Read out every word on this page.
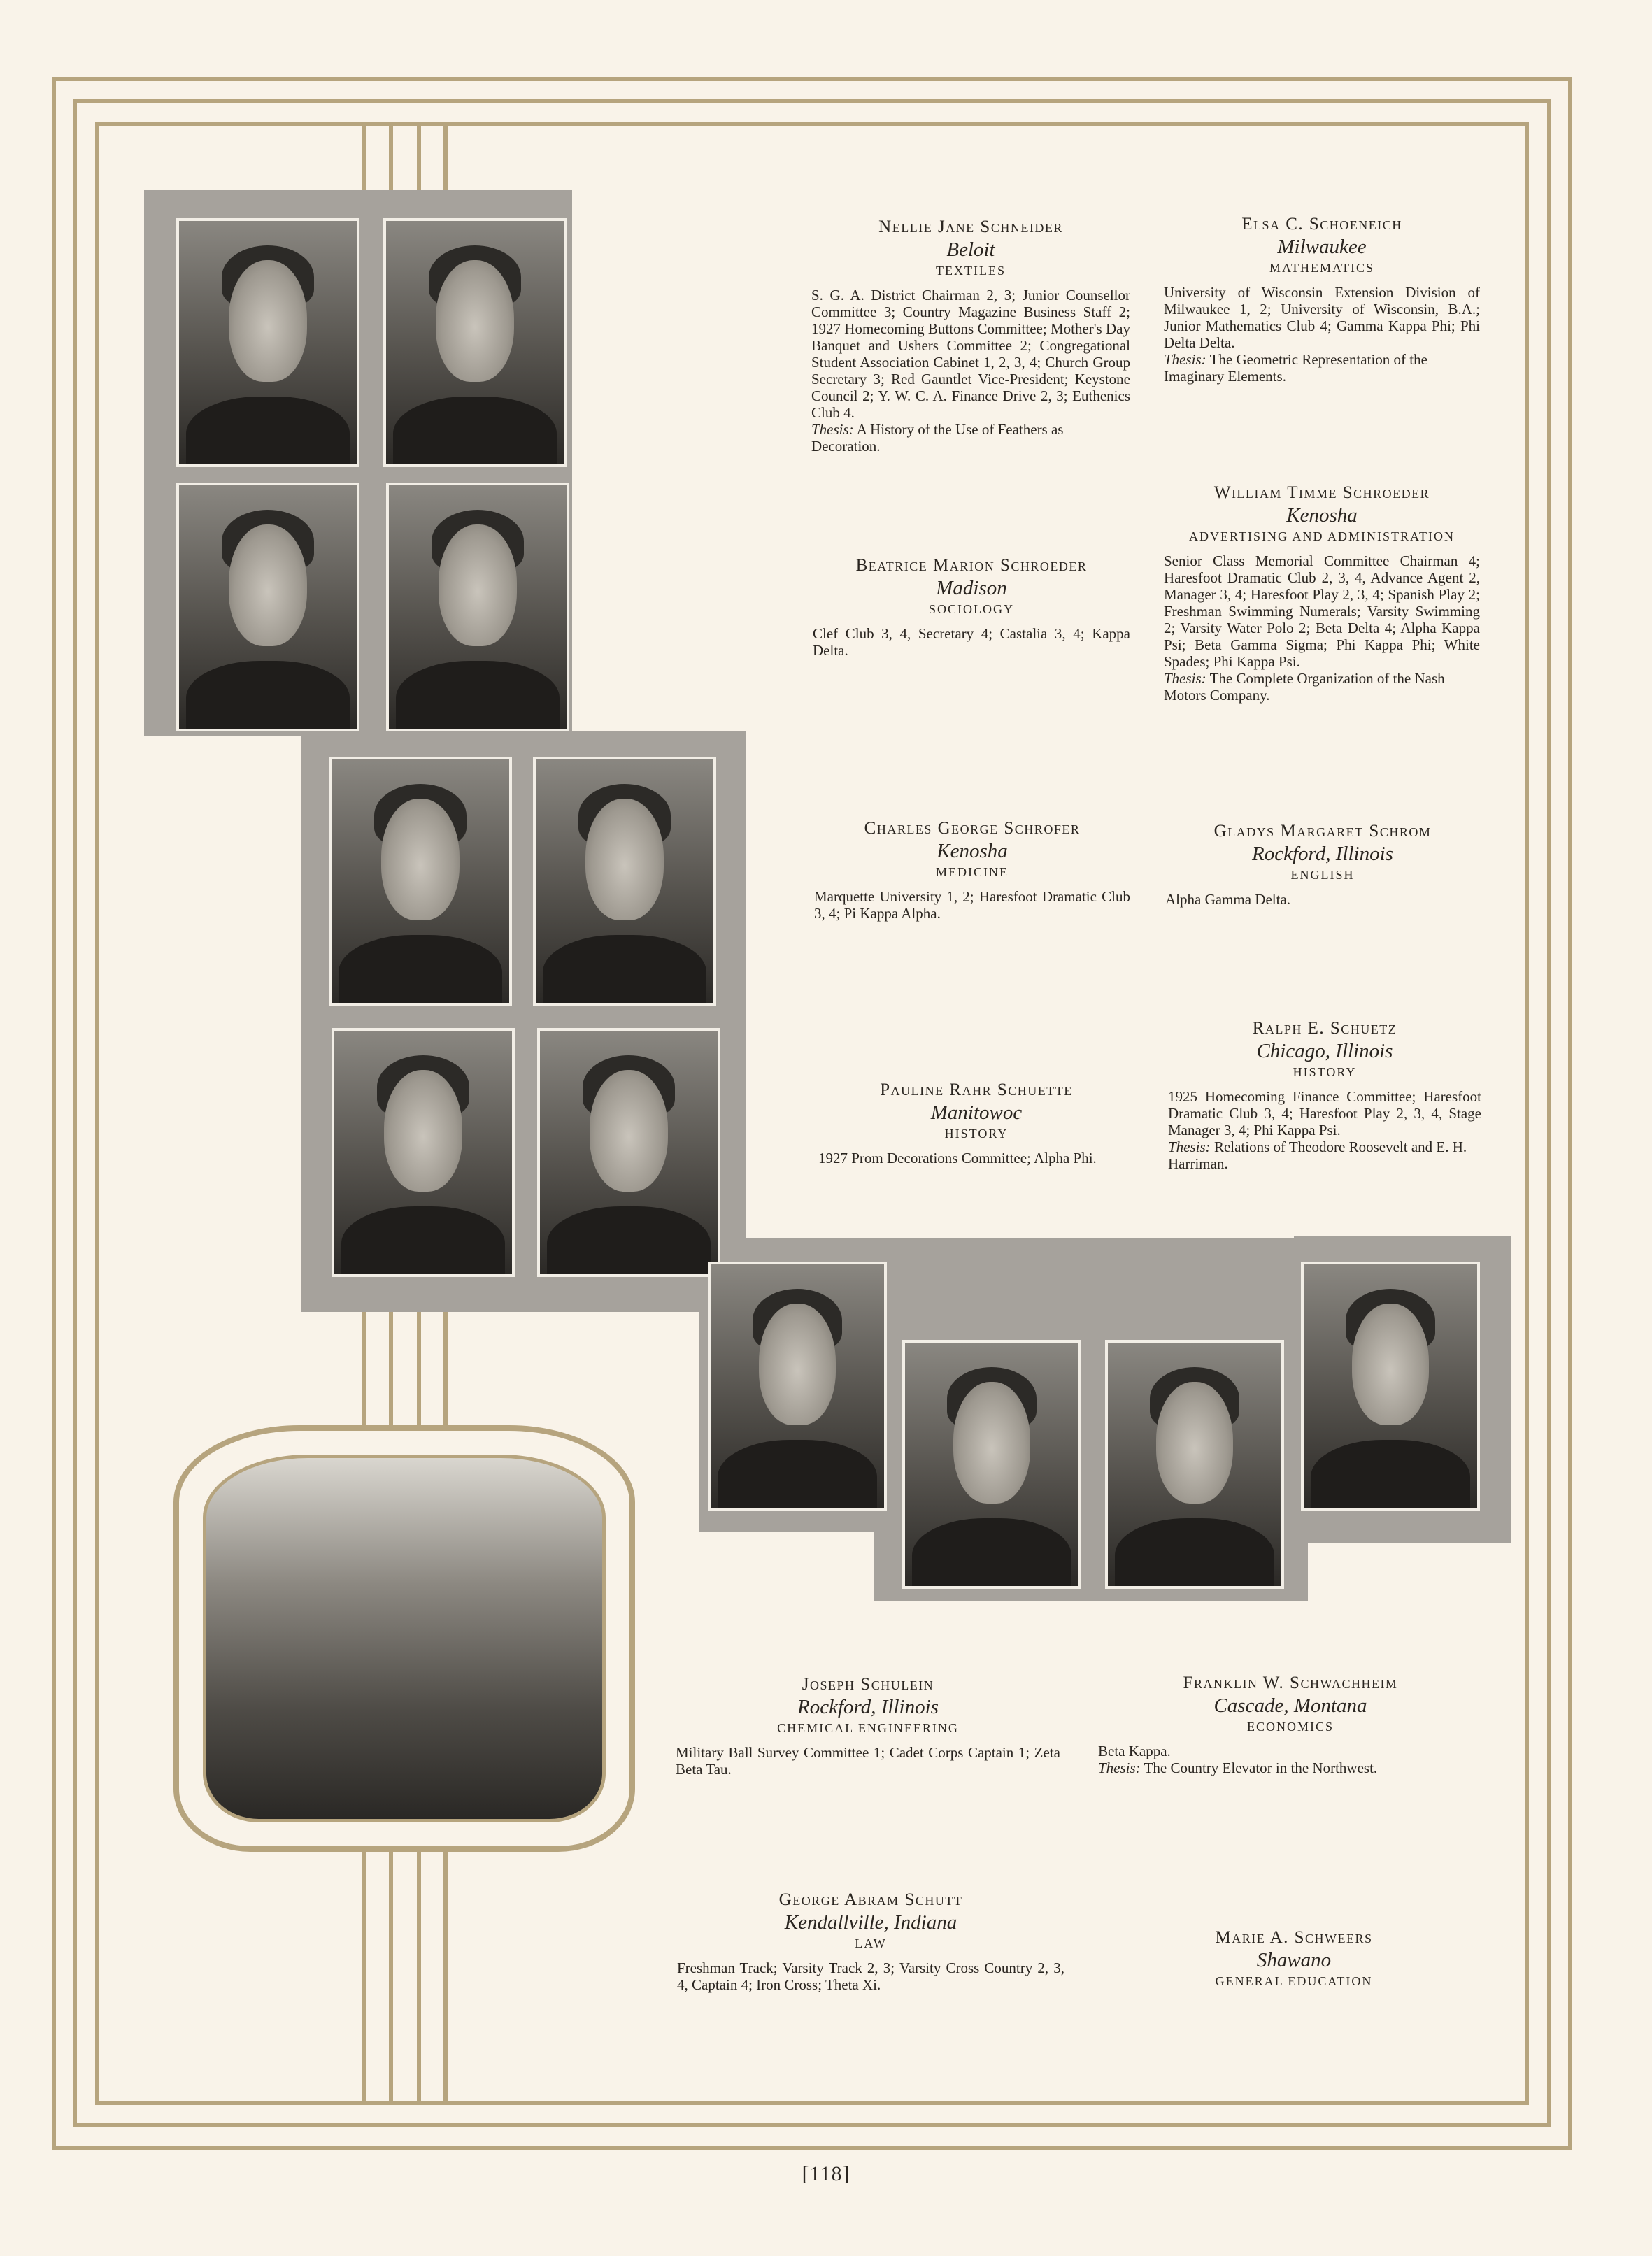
Nellie Jane Schneider
Beloit
TEXTILES
S. G. A. District Chairman 2, 3; Junior Counsellor Committee 3; Country Magazine Business Staff 2; 1927 Homecoming Buttons Committee; Mother's Day Banquet and Ushers Committee 2; Congregational Student Association Cabinet 1, 2, 3, 4; Church Group Secretary 3; Red Gauntlet Vice-President; Keystone Council 2; Y. W. C. A. Finance Drive 2, 3; Euthenics Club 4.
Thesis: A History of the Use of Feathers as Decoration.
Elsa C. Schoeneich
Milwaukee
MATHEMATICS
University of Wisconsin Extension Division of Milwaukee 1, 2; University of Wisconsin, B.A.; Junior Mathematics Club 4; Gamma Kappa Phi; Phi Delta Delta.
Thesis: The Geometric Representation of the Imaginary Elements.
Beatrice Marion Schroeder
Madison
SOCIOLOGY
Clef Club 3, 4, Secretary 4; Castalia 3, 4; Kappa Delta.
William Timme Schroeder
Kenosha
ADVERTISING AND ADMINISTRATION
Senior Class Memorial Committee Chairman 4; Haresfoot Dramatic Club 2, 3, 4, Advance Agent 2, Manager 3, 4; Haresfoot Play 2, 3, 4; Spanish Play 2; Freshman Swimming Numerals; Varsity Swimming 2; Varsity Water Polo 2; Beta Delta 4; Alpha Kappa Psi; Beta Gamma Sigma; Phi Kappa Phi; White Spades; Phi Kappa Psi.
Thesis: The Complete Organization of the Nash Motors Company.
Charles George Schrofer
Kenosha
MEDICINE
Marquette University 1, 2; Haresfoot Dramatic Club 3, 4; Pi Kappa Alpha.
Gladys Margaret Schrom
Rockford, Illinois
ENGLISH
Alpha Gamma Delta.
Ralph E. Schuetz
Chicago, Illinois
HISTORY
1925 Homecoming Finance Committee; Haresfoot Dramatic Club 3, 4; Haresfoot Play 2, 3, 4, Stage Manager 3, 4; Phi Kappa Psi.
Thesis: Relations of Theodore Roosevelt and E. H. Harriman.
Pauline Rahr Schuette
Manitowoc
HISTORY
1927 Prom Decorations Committee; Alpha Phi.
Joseph Schulein
Rockford, Illinois
CHEMICAL ENGINEERING
Military Ball Survey Committee 1; Cadet Corps Captain 1; Zeta Beta Tau.
Franklin W. Schwachheim
Cascade, Montana
ECONOMICS
Beta Kappa.
Thesis: The Country Elevator in the Northwest.
George Abram Schutt
Kendallville, Indiana
LAW
Freshman Track; Varsity Track 2, 3; Varsity Cross Country 2, 3, 4, Captain 4; Iron Cross; Theta Xi.
Marie A. Schweers
Shawano
GENERAL EDUCATION
[118]
